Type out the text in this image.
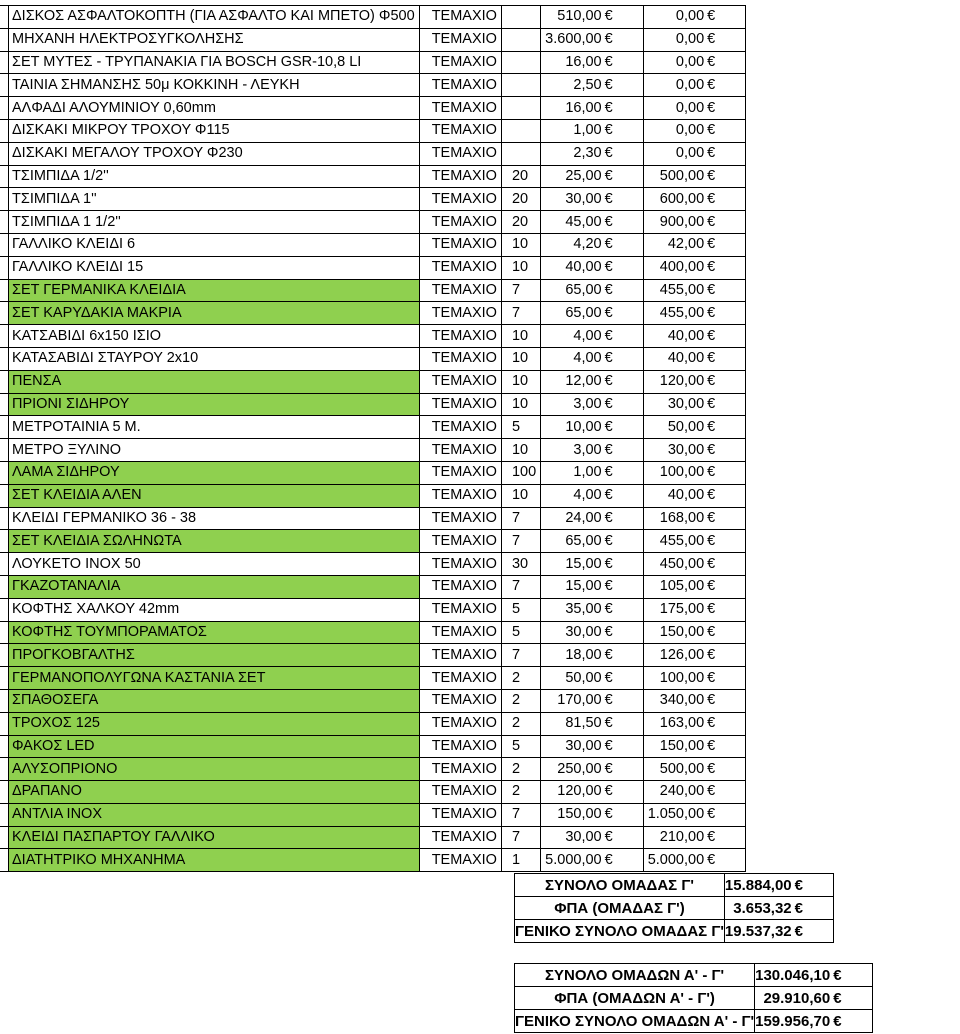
	ΔΙΣΚΟΣ ΑΣΦΑΛΤΟΚΟΠΤΗ (ΓΙΑ ΑΣΦΑΛΤΟ ΚΑΙ ΜΠΕΤΟ) Φ500	ΤΕΜΑΧΙΟ		510,00 €	0,00 €
	ΜΗΧΑΝΗ ΗΛΕΚΤΡΟΣΥΓΚΟΛΗΣΗΣ	ΤΕΜΑΧΙΟ		3.600,00 €	0,00 €
	ΣΕΤ ΜΥΤΕΣ - ΤΡΥΠΑΝΑΚΙΑ ΓΙΑ BOSCH GSR-10,8 LI	ΤΕΜΑΧΙΟ		16,00 €	0,00 €
	ΤΑΙΝΙΑ ΣΗΜΑΝΣΗΣ 50μ ΚΟΚΚΙΝΗ - ΛΕΥΚΗ	ΤΕΜΑΧΙΟ		2,50 €	0,00 €
	ΑΛΦΑΔΙ ΑΛΟΥΜΙΝΙΟΥ 0,60mm	ΤΕΜΑΧΙΟ		16,00 €	0,00 €
	ΔΙΣΚΑΚΙ ΜΙΚΡΟΥ ΤΡΟΧΟΥ Φ115	ΤΕΜΑΧΙΟ		1,00 €	0,00 €
	ΔΙΣΚΑΚΙ ΜΕΓΑΛΟΥ ΤΡΟΧΟΥ Φ230	ΤΕΜΑΧΙΟ		2,30 €	0,00 €
	ΤΣΙΜΠΙΔΑ 1/2''	ΤΕΜΑΧΙΟ	20	25,00 €	500,00 €
	ΤΣΙΜΠΙΔΑ 1''	ΤΕΜΑΧΙΟ	20	30,00 €	600,00 €
	ΤΣΙΜΠΙΔΑ 1 1/2''	ΤΕΜΑΧΙΟ	20	45,00 €	900,00 €
	ΓΑΛΛΙΚΟ ΚΛΕΙΔΙ 6	ΤΕΜΑΧΙΟ	10	4,20 €	42,00 €
	ΓΑΛΛΙΚΟ ΚΛΕΙΔΙ 15	ΤΕΜΑΧΙΟ	10	40,00 €	400,00 €
	ΣΕΤ ΓΕΡΜΑΝΙΚΑ ΚΛΕΙΔΙΑ	ΤΕΜΑΧΙΟ	7	65,00 €	455,00 €
	ΣΕΤ ΚΑΡΥΔΑΚΙΑ ΜΑΚΡΙΑ	ΤΕΜΑΧΙΟ	7	65,00 €	455,00 €
	ΚΑΤΣΑΒΙΔΙ 6x150 ΙΣΙΟ	ΤΕΜΑΧΙΟ	10	4,00 €	40,00 €
	ΚΑΤΑΣΑΒΙΔΙ ΣΤΑΥΡΟΥ 2x10	ΤΕΜΑΧΙΟ	10	4,00 €	40,00 €
	ΠΕΝΣΑ	ΤΕΜΑΧΙΟ	10	12,00 €	120,00 €
	ΠΡΙΟΝΙ ΣΙΔΗΡΟΥ	ΤΕΜΑΧΙΟ	10	3,00 €	30,00 €
	ΜΕΤΡΟΤΑΙΝΙΑ 5 Μ.	ΤΕΜΑΧΙΟ	5	10,00 €	50,00 €
	ΜΕΤΡΟ ΞΥΛΙΝΟ	ΤΕΜΑΧΙΟ	10	3,00 €	30,00 €
	ΛΑΜΑ ΣΙΔΗΡΟΥ	ΤΕΜΑΧΙΟ	100	1,00 €	100,00 €
	ΣΕΤ ΚΛΕΙΔΙΑ ΑΛΕΝ	ΤΕΜΑΧΙΟ	10	4,00 €	40,00 €
	ΚΛΕΙΔΙ ΓΕΡΜΑΝΙΚΟ 36 - 38	ΤΕΜΑΧΙΟ	7	24,00 €	168,00 €
	ΣΕΤ ΚΛΕΙΔΙΑ ΣΩΛΗΝΩΤΑ	ΤΕΜΑΧΙΟ	7	65,00 €	455,00 €
	ΛΟΥΚΕΤΟ INOX 50	ΤΕΜΑΧΙΟ	30	15,00 €	450,00 €
	ΓΚΑΖΟΤΑΝΑΛΙΑ	ΤΕΜΑΧΙΟ	7	15,00 €	105,00 €
	ΚΟΦΤΗΣ ΧΑΛΚΟΥ 42mm	ΤΕΜΑΧΙΟ	5	35,00 €	175,00 €
	ΚΟΦΤΗΣ ΤΟΥΜΠΟΡΑΜΑΤΟΣ	ΤΕΜΑΧΙΟ	5	30,00 €	150,00 €
	ΠΡΟΓΚΟΒΓΑΛΤΗΣ	ΤΕΜΑΧΙΟ	7	18,00 €	126,00 €
	ΓΕΡΜΑΝΟΠΟΛΥΓΩΝΑ ΚΑΣΤΑΝΙΑ ΣΕΤ	ΤΕΜΑΧΙΟ	2	50,00 €	100,00 €
	ΣΠΑΘΟΣΕΓΑ	ΤΕΜΑΧΙΟ	2	170,00 €	340,00 €
	ΤΡΟΧΟΣ 125	ΤΕΜΑΧΙΟ	2	81,50 €	163,00 €
	ΦΑΚΟΣ LED	ΤΕΜΑΧΙΟ	5	30,00 €	150,00 €
	ΑΛΥΣΟΠΡΙΟΝΟ	ΤΕΜΑΧΙΟ	2	250,00 €	500,00 €
	ΔΡΑΠΑΝΟ	ΤΕΜΑΧΙΟ	2	120,00 €	240,00 €
	ΑΝΤΛΙΑ INOX	ΤΕΜΑΧΙΟ	7	150,00 €	1.050,00 €
	ΚΛΕΙΔΙ ΠΑΣΠΑΡΤΟΥ ΓΑΛΛΙΚΟ	ΤΕΜΑΧΙΟ	7	30,00 €	210,00 €
	ΔΙΑΤΗΤΡΙΚΟ ΜΗΧΑΝΗΜΑ	ΤΕΜΑΧΙΟ	1	5.000,00 €	5.000,00 €
ΣΥΝΟΛΟ ΟΜΑΔΑΣ Γ'	15.884,00 €
ΦΠΑ (ΟΜΑΔΑΣ Γ')	3.653,32 €
ΓΕΝΙΚΟ ΣΥΝΟΛΟ ΟΜΑΔΑΣ Γ'	19.537,32 €
ΣΥΝΟΛΟ ΟΜΑΔΩΝ Α' - Γ'	130.046,10 €
ΦΠΑ (ΟΜΑΔΩΝ Α' - Γ')	29.910,60 €
ΓΕΝΙΚΟ ΣΥΝΟΛΟ ΟΜΑΔΩΝ Α' - Γ'	159.956,70 €
